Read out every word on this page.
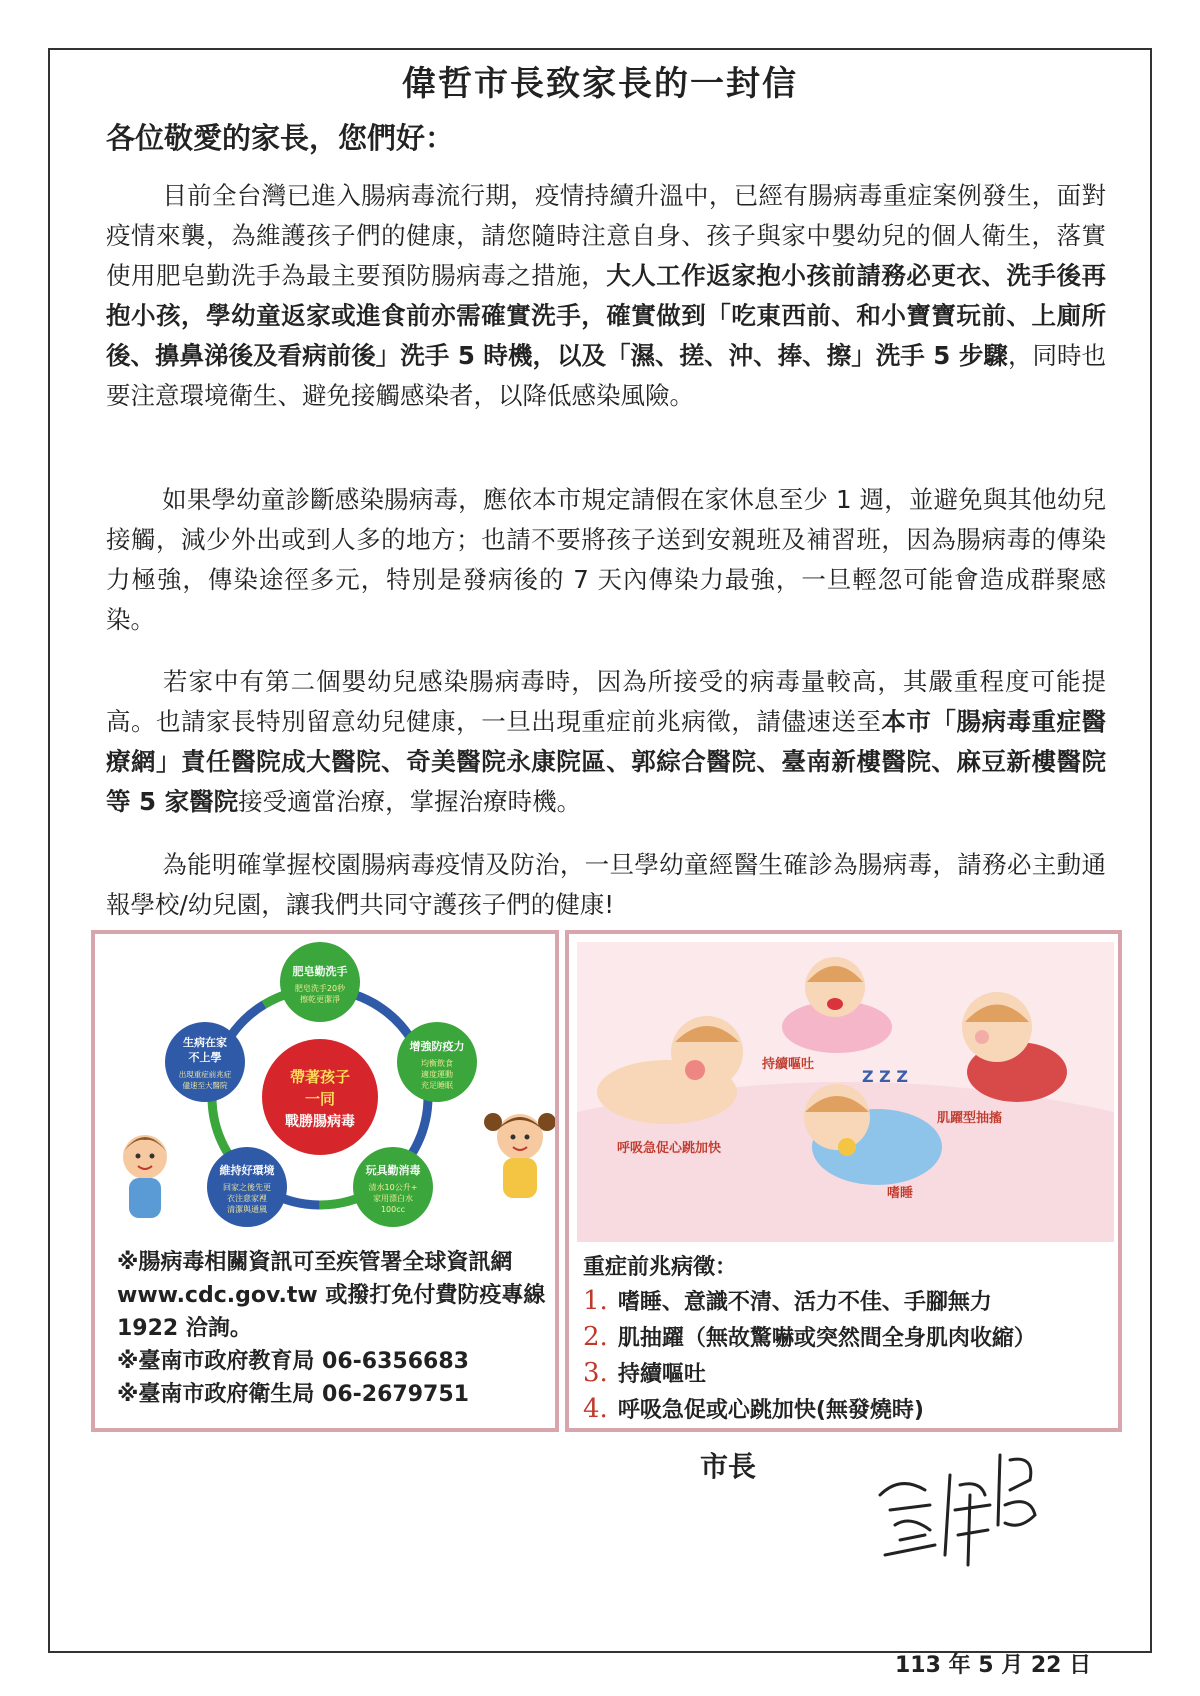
偉哲市長致家長的一封信
各位敬愛的家長，您們好：
目前全台灣已進入腸病毒流行期，疫情持續升溫中，已經有腸病毒重症案例發生，面對疫情來襲，為維護孩子們的健康，請您隨時注意自身、孩子與家中嬰幼兒的個人衛生，落實使用肥皂勤洗手為最主要預防腸病毒之措施，大人工作返家抱小孩前請務必更衣、洗手後再抱小孩，學幼童返家或進食前亦需確實洗手，確實做到「吃東西前、和小寶寶玩前、上廁所後、擤鼻涕後及看病前後」洗手 5 時機，以及「濕、搓、沖、捧、擦」洗手 5 步驟，同時也要注意環境衛生、避免接觸感染者，以降低感染風險。
如果學幼童診斷感染腸病毒，應依本市規定請假在家休息至少 1 週，並避免與其他幼兒接觸，減少外出或到人多的地方；也請不要將孩子送到安親班及補習班，因為腸病毒的傳染力極強，傳染途徑多元，特別是發病後的 7 天內傳染力最強，一旦輕忽可能會造成群聚感染。
若家中有第二個嬰幼兒感染腸病毒時，因為所接受的病毒量較高，其嚴重程度可能提高。也請家長特別留意幼兒健康，一旦出現重症前兆病徵，請儘速送至本市「腸病毒重症醫療網」責任醫院成大醫院、奇美醫院永康院區、郭綜合醫院、臺南新樓醫院、麻豆新樓醫院等 5 家醫院接受適當治療，掌握治療時機。
為能明確掌握校園腸病毒疫情及防治，一旦學幼童經醫生確診為腸病毒，請務必主動通報學校/幼兒園，讓我們共同守護孩子們的健康!
帶著孩子
一同
戰勝腸病毒
肥皂勤洗手
肥皂洗手20秒
擦乾更潔淨
增強防疫力
均衡飲食
適度運動
充足睡眠
玩具勤消毒
清水10公升+
家用漂白水
100cc
維持好環境
回家之後先更
衣注意家裡
清潔與通風
生病在家
不上學
出現重症前兆症
儘速至大醫院
※腸病毒相關資訊可至疾管署全球資訊網 www.cdc.gov.tw 或撥打免付費防疫專線 1922 洽詢。
※臺南市政府教育局 06-6356683
※臺南市政府衛生局 06-2679751
Z Z Z
持續嘔吐
呼吸急促心跳加快
嗜睡
肌躍型抽搐
重症前兆病徵：
1. 嗜睡、意識不清、活力不佳、手腳無力
2. 肌抽躍（無故驚嚇或突然間全身肌肉收縮）
3. 持續嘔吐
4. 呼吸急促或心跳加快(無發燒時)
市長
113 年 5 月 22 日
